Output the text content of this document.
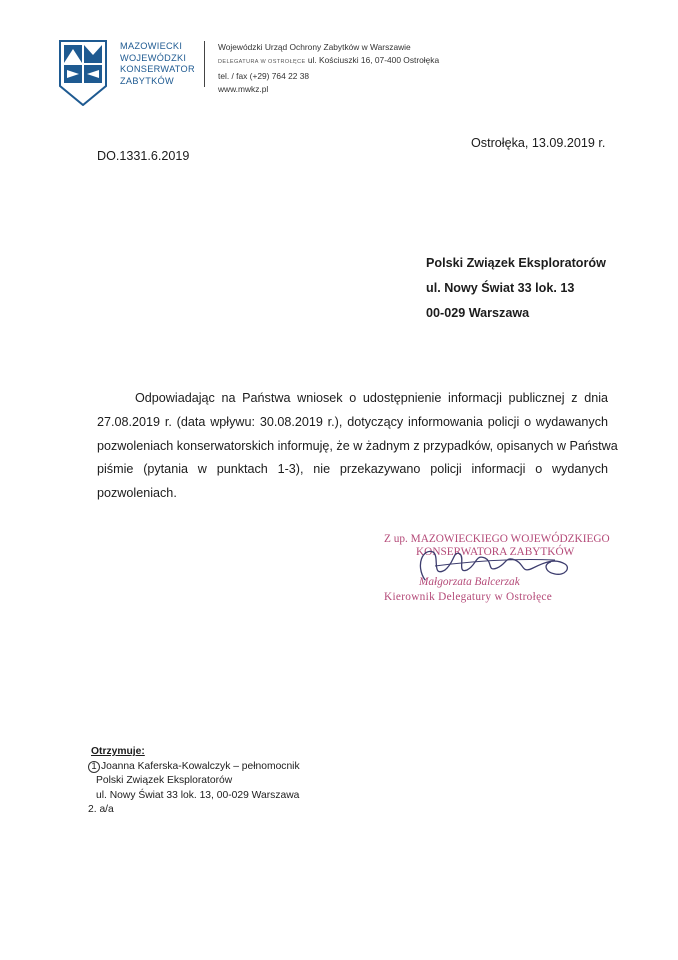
MAZOWIECKI
WOJEWÓDZKI
KONSERWATOR
ZABYTKÓW
Wojewódzki Urząd Ochrony Zabytków w Warszawie
DELEGATURA W OSTROŁĘCE ul. Kościuszki 16, 07-400 Ostrołęka
tel. / fax (+29) 764 22 38
www.mwkz.pl
DO.1331.6.2019
Ostrołęka, 13.09.2019 r.
Polski Związek Eksploratorów
ul. Nowy Świat 33 lok. 13
00-029 Warszawa
Odpowiadając na Państwa wniosek o udostępnienie informacji publicznej z dnia
27.08.2019 r. (data wpływu: 30.08.2019 r.), dotyczący informowania policji o wydawanych
pozwoleniach konserwatorskich informuję, że w żadnym z przypadków, opisanych w Państwa
piśmie (pytania w punktach 1-3), nie przekazywano policji informacji o wydanych
pozwoleniach.
Z up. MAZOWIECKIEGO WOJEWÓDZKIEGO
KONSERWATORA ZABYTKÓW
Małgorzata Balcerzak
Kierownik Delegatury w Ostrołęce
Otrzymuje:
1 Joanna Kaferska-Kowalczyk – pełnomocnik
Polski Związek Eksploratorów
ul. Nowy Świat 33 lok. 13, 00-029 Warszawa
2. a/a
